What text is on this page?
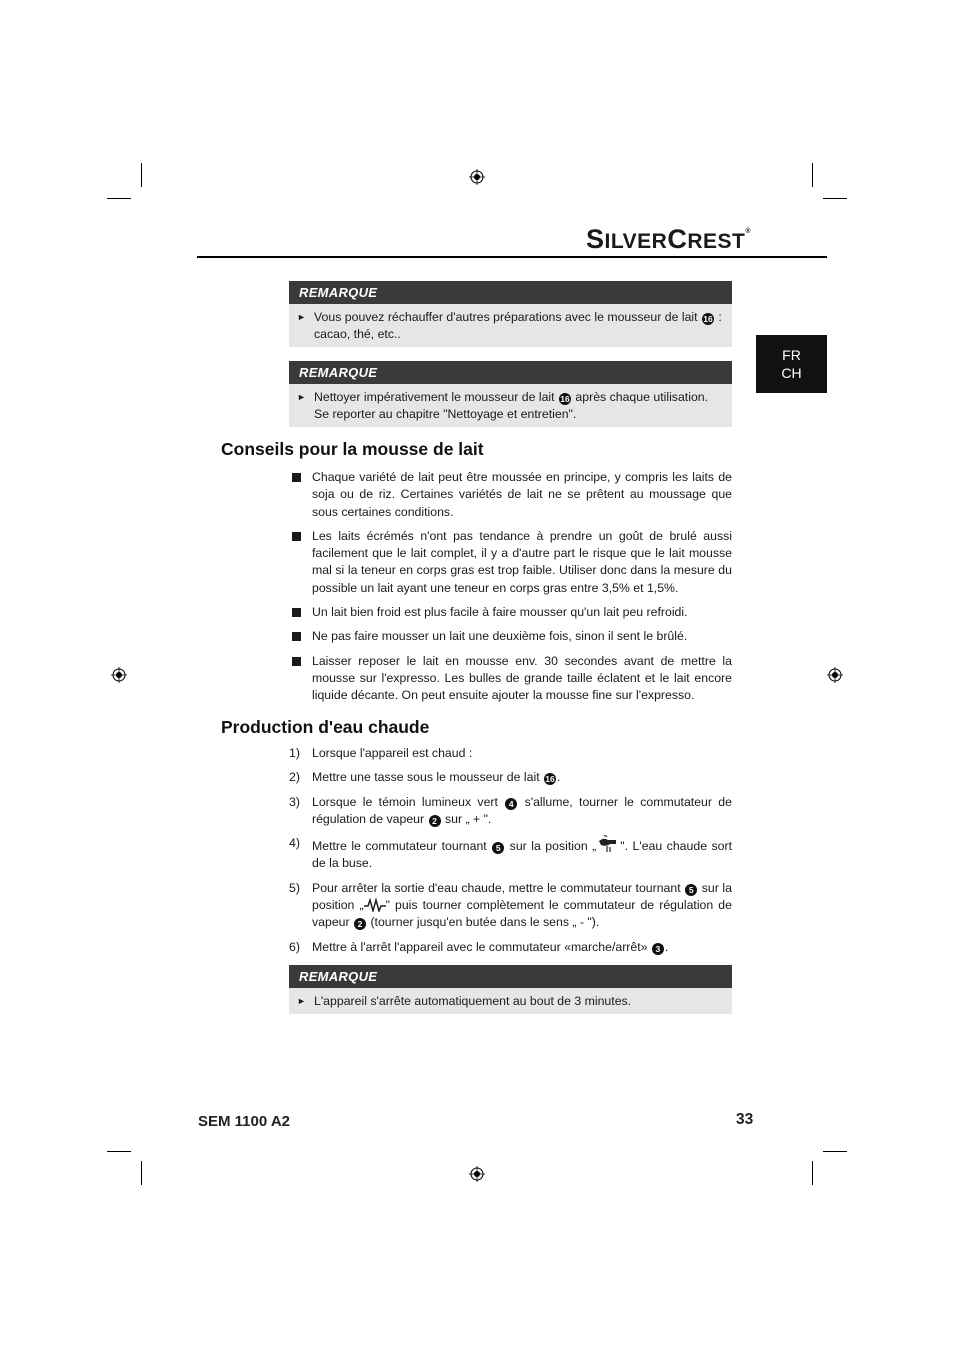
SILVERCREST®
FR
CH
REMARQUE
► Vous pouvez réchauffer d'autres préparations avec le mousseur de lait 16 : cacao, thé, etc..
REMARQUE
► Nettoyer impérativement le mousseur de lait 16 après chaque utilisation. Se reporter au chapitre "Nettoyage et entretien".
Conseils pour la mousse de lait
Chaque variété de lait peut être moussée en principe, y compris les laits de soja ou de riz. Certaines variétés de lait ne se prêtent au moussage que sous certaines conditions.
Les laits écrémés n'ont pas tendance à prendre un goût de brulé aussi facilement que le lait complet, il y a d'autre part le risque que le lait mousse mal si la teneur en corps gras est trop faible. Utiliser donc dans la mesure du possible un lait ayant une teneur en corps gras entre 3,5% et 1,5%.
Un lait bien froid est plus facile à faire mousser qu'un lait peu refroidi.
Ne pas faire mousser un lait une deuxième fois, sinon il sent le brûlé.
Laisser reposer le lait en mousse env. 30 secondes avant de mettre la mousse sur l'expresso. Les bulles de grande taille éclatent et le lait encore liquide décante. On peut ensuite ajouter la mousse fine sur l'expresso.
Production d'eau chaude
1) Lorsque l'appareil est chaud :
2) Mettre une tasse sous le mousseur de lait 16 .
3) Lorsque le témoin lumineux vert 4 s'allume, tourner le commutateur de régulation de vapeur 2 sur „ + ".
4) Mettre le commutateur tournant 5 sur la position „ ". L'eau chaude sort de la buse.
5) Pour arrêter la sortie d'eau chaude, mettre le commutateur tournant 5 sur la position „ " puis tourner complètement le commutateur de régulation de vapeur 2 (tourner jusqu'en butée dans le sens „ - ").
6) Mettre à l'arrêt l'appareil avec le commutateur «marche/arrêt» 3 .
REMARQUE
► L'appareil s'arrête automatiquement au bout de 3 minutes.
SEM 1100 A2	33
